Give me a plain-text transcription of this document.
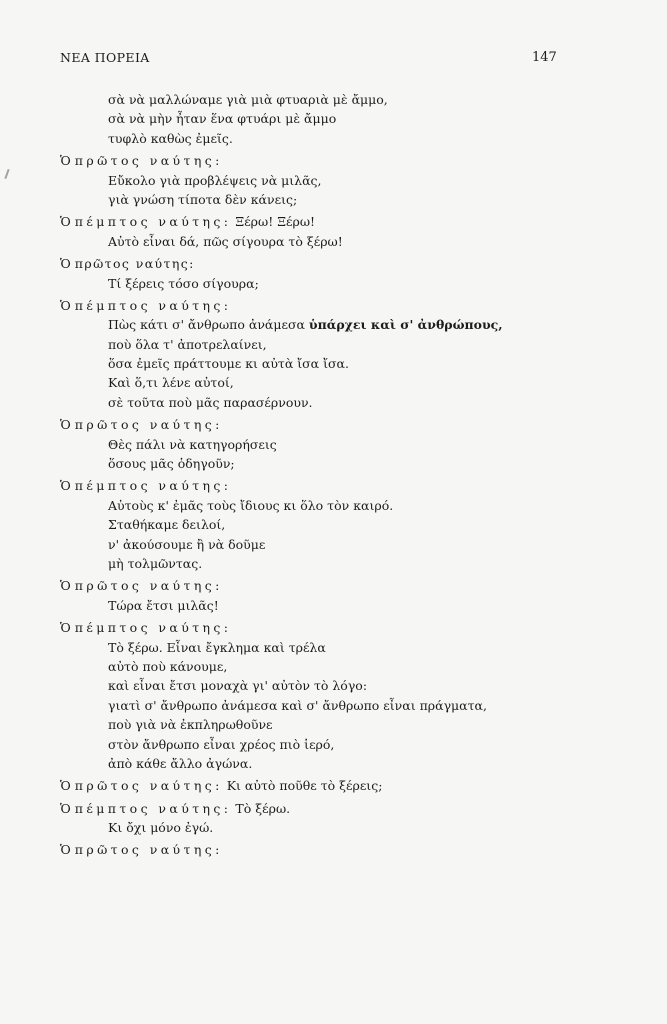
ΝΕΑ ΠΟΡΕΙΑ	147
σὰ νὰ μαλλώναμε γιὰ μιὰ φτυαριὰ μὲ ἄμμο,
σὰ νὰ μὴν ἦταν ἕνα φτυάρι μὲ ἄμμο
τυφλὸ καθὼς ἐμεῖς.
Ὁ πρῶτος ναύτης:
Εὔκολο γιὰ προβλέψεις νὰ μιλᾶς,
γιὰ γνώση τίποτα δὲν κάνεις;
Ὁ πέμπτος ναύτης: Ξέρω! Ξέρω!
Αὐτὸ εἶναι δά, πῶς σίγουρα τὸ ξέρω!
Ὁ πρῶτος ναύτης:
Τί ξέρεις τόσο σίγουρα;
Ὁ πέμπτος ναύτης:
Πὼς κάτι σ' ἄνθρωπο ἀνάμεσα ὑπάρχει καὶ σ' ἀνθρώπους,
ποὺ ὅλα τ' ἀποτρελαίνει,
ὅσα ἐμεῖς πράττουμε κι αὐτὰ ἴσα ἴσα.
Καὶ ὅ,τι λένε αὐτοί,
σὲ τοῦτα ποὺ μᾶς παρασέρνουν.
Ὁ πρῶτος ναύτης:
Θὲς πάλι νὰ κατηγορήσεις
ὅσους μᾶς ὁδηγοῦν;
Ὁ πέμπτος ναύτης:
Αὐτοὺς κ' ἐμᾶς τοὺς ἴδιους κι ὅλο τὸν καιρό.
Σταθήκαμε δειλοί,
ν' ἀκούσουμε ἢ νὰ δοῦμε
μὴ τολμῶντας.
Ὁ πρῶτος ναύτης:
Τώρα ἔτσι μιλᾶς!
Ὁ πέμπτος ναύτης:
Τὸ ξέρω. Εἶναι ἔγκλημα καὶ τρέλα
αὐτὸ ποὺ κάνουμε,
καὶ εἶναι ἔτσι μοναχὰ γι' αὐτὸν τὸ λόγο:
γιατὶ σ' ἄνθρωπο ἀνάμεσα καὶ σ' ἄνθρωπο εἶναι πράγματα,
ποὺ γιὰ νὰ ἐκπληρωθοῦνε
στὸν ἄνθρωπο εἶναι χρέος πιὸ ἱερό,
ἀπὸ κάθε ἄλλο ἀγώνα.
Ὁ πρῶτος ναύτης: Κι αὐτὸ ποῦθε τὸ ξέρεις;
Ὁ πέμπτος ναύτης: Τὸ ξέρω.
Κι ὄχι μόνο ἐγώ.
Ὁ πρῶτος ναύτης:
